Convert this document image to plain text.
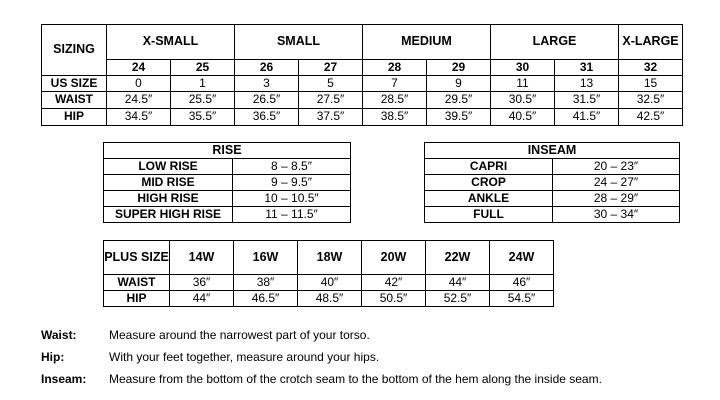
SIZING	X-SMALL		SMALL		MEDIUM		LARGE		X-LARGE
	24	25	26	27	28	29	30	31	32
US SIZE	0	1	3	5	7	9	11	13	15
WAIST	24.5″	25.5″	26.5″	27.5″	28.5″	29.5″	30.5″	31.5″	32.5″
HIP	34.5″	35.5″	36.5″	37.5″	38.5″	39.5″	40.5″	41.5″	42.5″
RISE	
LOW RISE	8 – 8.5″
MID RISE	9 – 9.5″
HIGH RISE	10 – 10.5″
SUPER HIGH RISE	11 – 11.5″
INSEAM	
CAPRI	20 – 23″
CROP	24 – 27″
ANKLE	28 – 29″
FULL	30 – 34″
PLUS SIZE	14W	16W	18W	20W	22W	24W
WAIST	36″	38″	40″	42″	44″	46″
HIP	44″	46.5″	48.5″	50.5″	52.5″	54.5″
Waist:	Measure around the narrowest part of your torso.
Hip:	With your feet together, measure around your hips.
Inseam:	Measure from the bottom of the crotch seam to the bottom of the hem along the inside seam.
